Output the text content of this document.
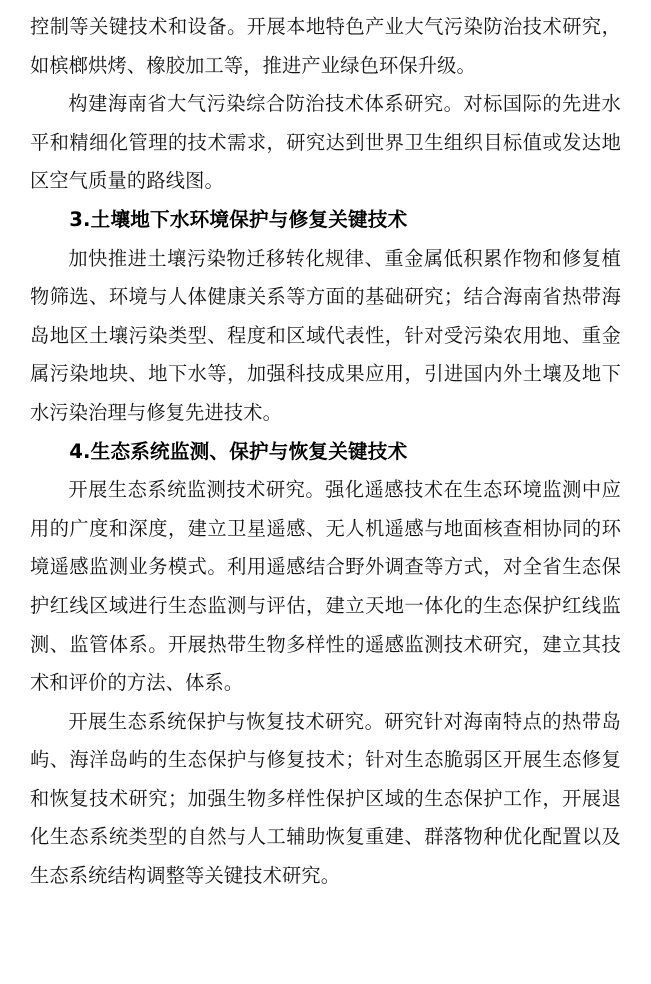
控制等关键技术和设备。开展本地特色产业大气污染防治技术研究，如槟榔烘烤、橡胶加工等，推进产业绿色环保升级。

构建海南省大气污染综合防治技术体系研究。对标国际的先进水平和精细化管理的技术需求，研究达到世界卫生组织目标值或发达地区空气质量的路线图。

3.土壤地下水环境保护与修复关键技术

加快推进土壤污染物迁移转化规律、重金属低积累作物和修复植物筛选、环境与人体健康关系等方面的基础研究；结合海南省热带海岛地区土壤污染类型、程度和区域代表性，针对受污染农用地、重金属污染地块、地下水等，加强科技成果应用，引进国内外土壤及地下水污染治理与修复先进技术。

4.生态系统监测、保护与恢复关键技术

开展生态系统监测技术研究。强化遥感技术在生态环境监测中应用的广度和深度，建立卫星遥感、无人机遥感与地面核查相协同的环境遥感监测业务模式。利用遥感结合野外调查等方式，对全省生态保护红线区域进行生态监测与评估，建立天地一体化的生态保护红线监测、监管体系。开展热带生物多样性的遥感监测技术研究，建立其技术和评价的方法、体系。

开展生态系统保护与恢复技术研究。研究针对海南特点的热带岛屿、海洋岛屿的生态保护与修复技术；针对生态脆弱区开展生态修复和恢复技术研究；加强生物多样性保护区域的生态保护工作，开展退化生态系统类型的自然与人工辅助恢复重建、群落物种优化配置以及生态系统结构调整等关键技术研究。
